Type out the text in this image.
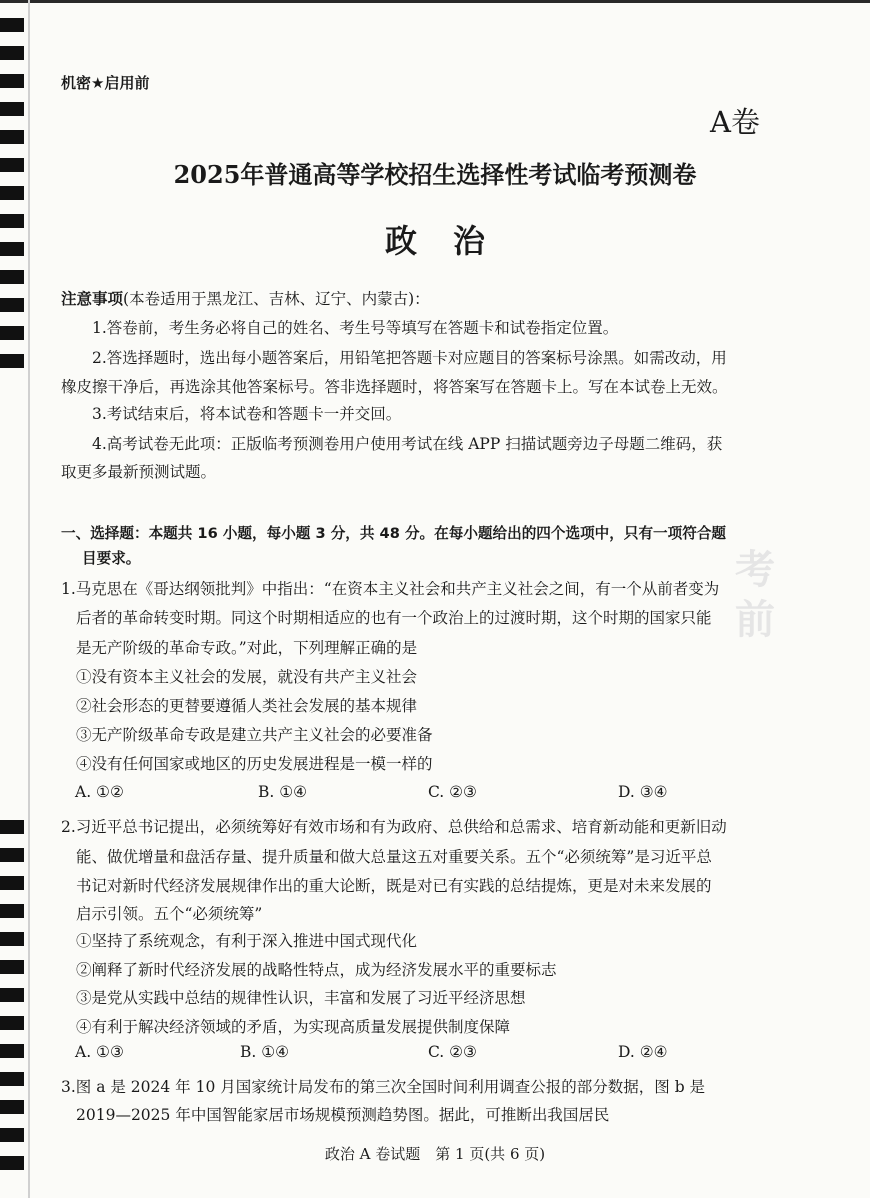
考前
机密★启用前
A卷
2025年普通高等学校招生选择性考试临考预测卷
政治
注意事项(本卷适用于黑龙江、吉林、辽宁、内蒙古)：
1.答卷前，考生务必将自己的姓名、考生号等填写在答题卡和试卷指定位置。
2.答选择题时，选出每小题答案后，用铅笔把答题卡对应题目的答案标号涂黑。如需改动，用
橡皮擦干净后，再选涂其他答案标号。答非选择题时，将答案写在答题卡上。写在本试卷上无效。
3.考试结束后，将本试卷和答题卡一并交回。
4.高考试卷无此项：正版临考预测卷用户使用考试在线 APP 扫描试题旁边子母题二维码，获
取更多最新预测试题。
一、选择题：本题共 16 小题，每小题 3 分，共 48 分。在每小题给出的四个选项中，只有一项符合题
目要求。
1.马克思在《哥达纲领批判》中指出：“在资本主义社会和共产主义社会之间，有一个从前者变为
后者的革命转变时期。同这个时期相适应的也有一个政治上的过渡时期，这个时期的国家只能
是无产阶级的革命专政。”对此，下列理解正确的是
①没有资本主义社会的发展，就没有共产主义社会
②社会形态的更替要遵循人类社会发展的基本规律
③无产阶级革命专政是建立共产主义社会的必要准备
④没有任何国家或地区的历史发展进程是一模一样的
A. ①②	B. ①④	C. ②③	D. ③④
2.习近平总书记提出，必须统筹好有效市场和有为政府、总供给和总需求、培育新动能和更新旧动
能、做优增量和盘活存量、提升质量和做大总量这五对重要关系。五个“必须统筹”是习近平总
书记对新时代经济发展规律作出的重大论断，既是对已有实践的总结提炼，更是对未来发展的
启示引领。五个“必须统筹”
①坚持了系统观念，有利于深入推进中国式现代化
②阐释了新时代经济发展的战略性特点，成为经济发展水平的重要标志
③是党从实践中总结的规律性认识，丰富和发展了习近平经济思想
④有利于解决经济领域的矛盾，为实现高质量发展提供制度保障
A. ①③	B. ①④	C. ②③	D. ②④
3.图 a 是 2024 年 10 月国家统计局发布的第三次全国时间利用调查公报的部分数据，图 b 是
2019—2025 年中国智能家居市场规模预测趋势图。据此，可推断出我国居民
政治 A 卷试题　第 1 页(共 6 页)
